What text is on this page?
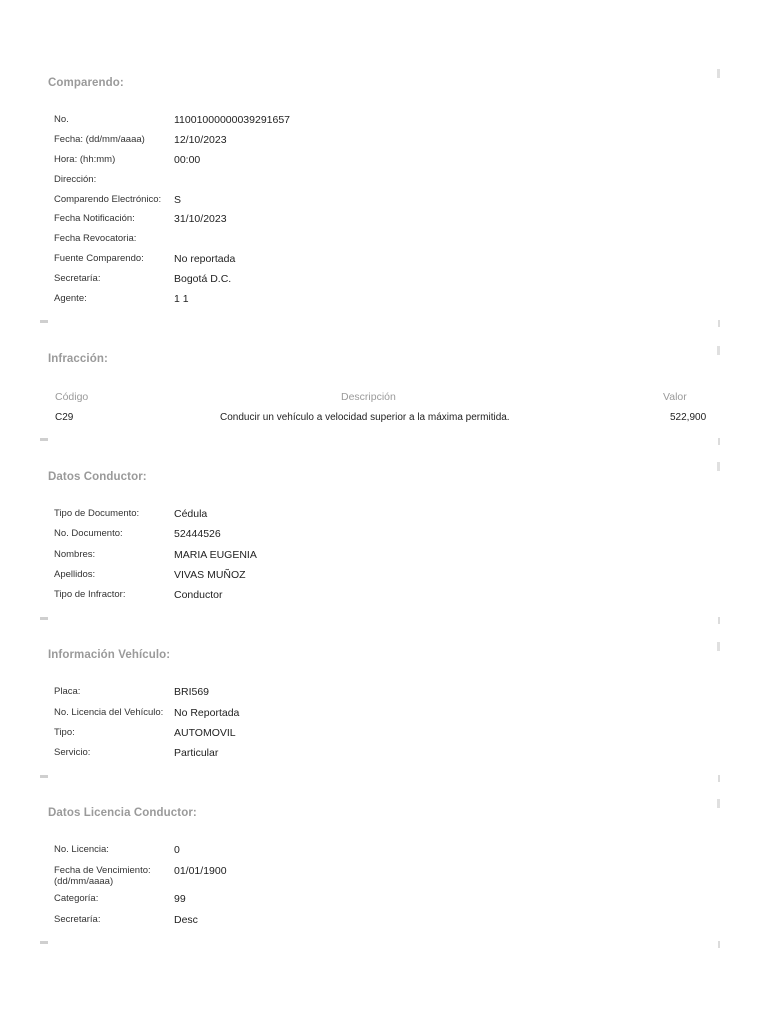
Comparendo:
No.	11001000000039291657
Fecha: (dd/mm/aaaa)	12/10/2023
Hora: (hh:mm)	00:00
Dirección:
Comparendo Electrónico: S
Fecha Notificación:	31/10/2023
Fecha Revocatoria:
Fuente Comparendo:	No reportada
Secretaría:	Bogotá D.C.
Agente:	1 1
Infracción:
Código	Descripción	Valor
C29	Conducir un vehículo a velocidad superior a la máxima permitida.	522,900
Datos Conductor:
Tipo de Documento:	Cédula
No. Documento:	52444526
Nombres:	MARIA EUGENIA
Apellidos:	VIVAS MUÑOZ
Tipo de Infractor:	Conductor
Información Vehículo:
Placa:	BRI569
No. Licencia del Vehículo: No Reportada
Tipo:	AUTOMOVIL
Servicio:	Particular
Datos Licencia Conductor:
No. Licencia:	0
Fecha de Vencimiento: (dd/mm/aaaa)
01/01/1900
Categoría:	99
Secretaría:	Desc
